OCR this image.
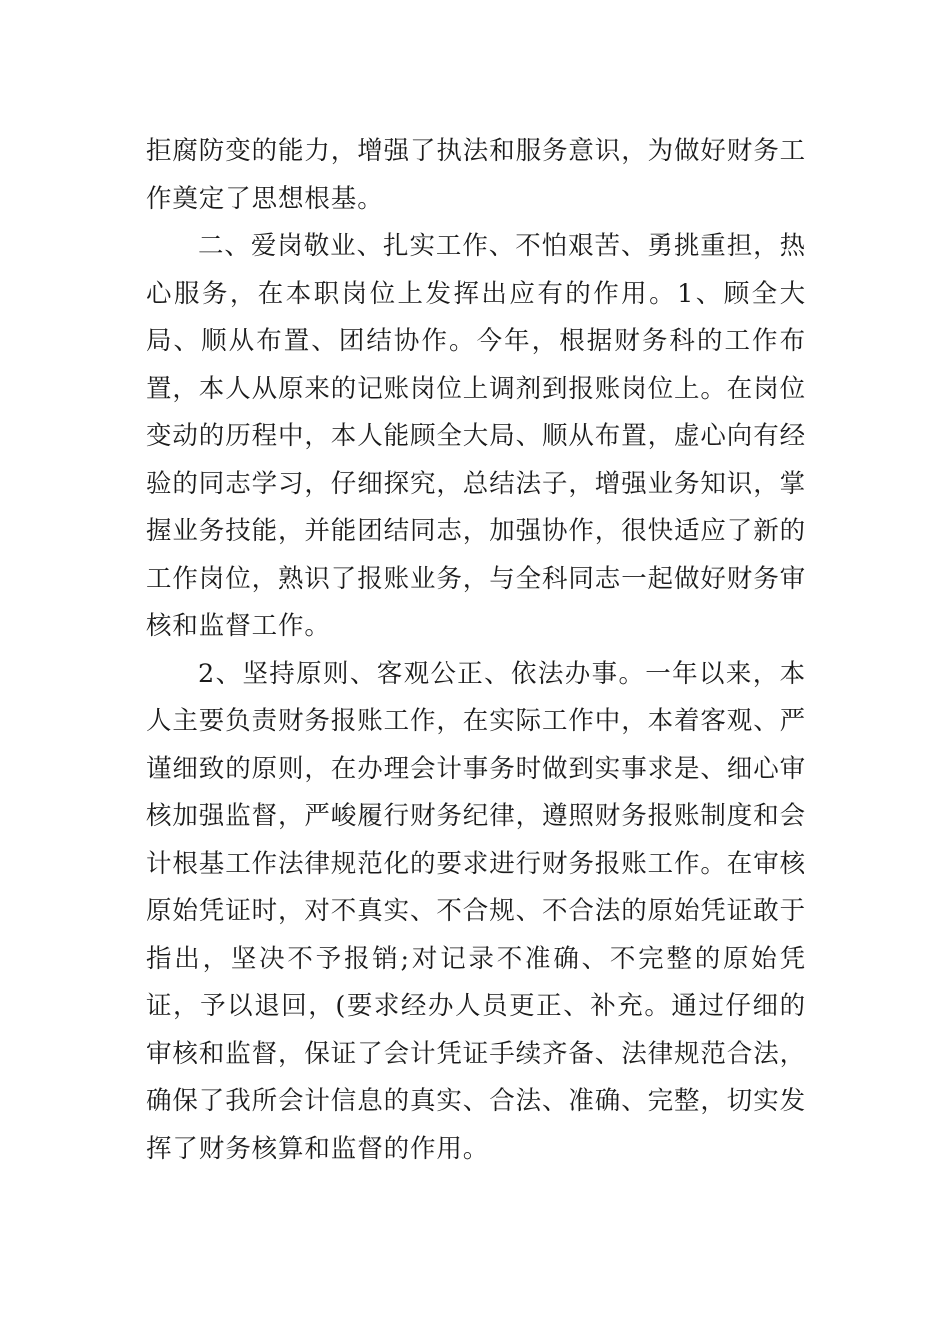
拒腐防变的能力，增强了执法和服务意识，为做好财务工作奠定了思想根基。

二、爱岗敬业、扎实工作、不怕艰苦、勇挑重担，热心服务，在本职岗位上发挥出应有的作用。1、顾全大局、顺从布置、团结协作。今年，根据财务科的工作布置，本人从原来的记账岗位上调剂到报账岗位上。在岗位变动的历程中，本人能顾全大局、顺从布置，虚心向有经验的同志学习，仔细探究，总结法子，增强业务知识，掌握业务技能，并能团结同志，加强协作，很快适应了新的工作岗位，熟识了报账业务，与全科同志一起做好财务审核和监督工作。

2、坚持原则、客观公正、依法办事。一年以来，本人主要负责财务报账工作，在实际工作中，本着客观、严谨细致的原则，在办理会计事务时做到实事求是、细心审核加强监督，严峻履行财务纪律，遵照财务报账制度和会计根基工作法律规范化的要求进行财务报账工作。在审核原始凭证时，对不真实、不合规、不合法的原始凭证敢于指出，坚决不予报销;对记录不准确、不完整的原始凭证，予以退回，(要求经办人员更正、补充。通过仔细的审核和监督，保证了会计凭证手续齐备、法律规范合法，确保了我所会计信息的真实、合法、准确、完整，切实发挥了财务核算和监督的作用。
